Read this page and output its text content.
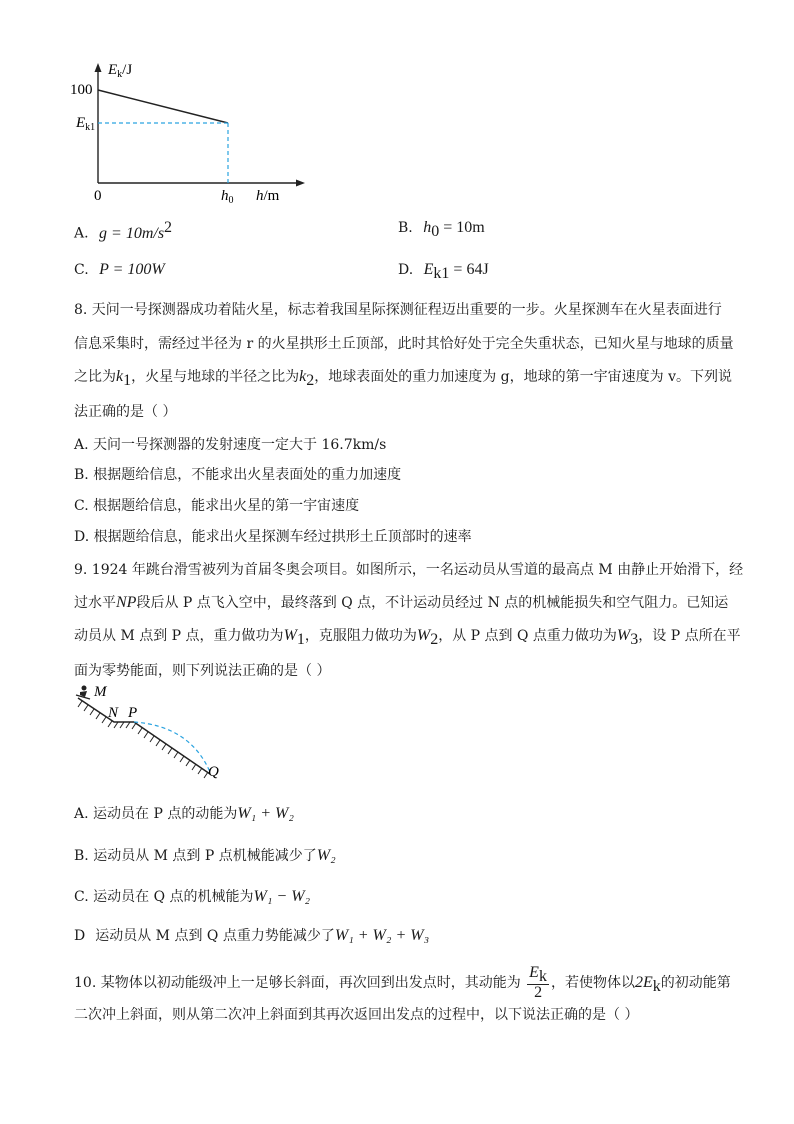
$E_k/J$
100
$E_{k1}$
0	$h_0$ h/m
A. $g = 10m/s^2$	B. $h_0 = 10m$
C. P = 100W	D. $E_{k1} = 64J$
8. 天问一号探测器成功着陆火星，标志着我国星际探测征程迈出重要的一步。火星探测车在火星表面进行
信息采集时，需经过半径为 r 的火星拱形土丘顶部，此时其恰好处于完全失重状态，已知火星与地球的质量
之比为$k_1$，火星与地球的半径之比为$k_2$，地球表面处的重力加速度为 g，地球的第一宇宙速度为 v。下列说
法正确的是（ ）
A. 天问一号探测器的发射速度一定大于 16.7km/s
B. 根据题给信息，不能求出火星表面处的重力加速度
C. 根据题给信息，能求出火星的第一宇宙速度
D. 根据题给信息，能求出火星探测车经过拱形土丘顶部时的速率
9. 1924 年跳台滑雪被列为首届冬奥会项目。如图所示，一名运动员从雪道的最高点 M 由静止开始滑下，经
过水平NP段后从 P 点飞入空中，最终落到 Q 点，不计运动员经过 N 点的机械能损失和空气阻力。已知运
动员从 M 点到 P 点，重力做功为$W_1$，克服阻力做功为$W_2$，从 P 点到 Q 点重力做功为$W_3$，设 P 点所在平
面为零势能面，则下列说法正确的是（ ）
M
N P
Q
A. 运动员在 P 点的动能为W₁ + W₂
B. 运动员从 M 点到 P 点机械能减少了W₂
C. 运动员在 Q 点的机械能为W₁ − W₂
D 运动员从 M 点到 Q 点重力势能减少了W₁ + W₂ + W₃
10. 某物体以初动能级冲上一足够长斜面，再次回到出发点时，其动能为 $\frac{E_k}{2}$ ，若使物体以$2E_k$的初动能第
二次冲上斜面，则从第二次冲上斜面到其再次返回出发点的过程中，以下说法正确的是（ ）
